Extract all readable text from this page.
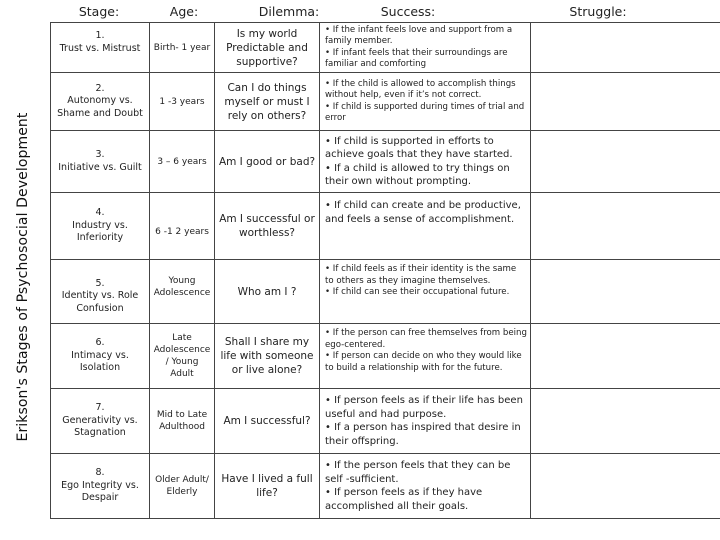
Erikson's Stages of Psychosocial Development
Stage:	Age:	Dilemma:	Success:	Struggle:
1.
Trust vs. Mistrust	Birth- 1 year	Is my world Predictable and supportive?	• If the infant feels love and support from a family member.
• If infant feels that their surroundings are familiar and comforting	

2.
Autonomy vs. Shame and Doubt	1 -3 years	Can I do things myself or must I rely on others?	• If the child is allowed to accomplish things without help, even if it’s not correct.
• If child is supported during times of trial and error	

3.
Initiative vs. Guilt	3 – 6 years	Am I good or bad?	• If child is supported in efforts to achieve goals that they have started.
• If a child is allowed to try things on their own without prompting.	

4.
Industry vs. Inferiority	6 -1 2 years	Am I successful or worthless?	• If child can create and be productive, and feels a sense of accomplishment.	

5.
Identity vs. Role Confusion	Young Adolescence	Who am I ?	• If child feels as if their identity is the same to others as they imagine themselves.
• If child can see their occupational future.	

6.
Intimacy vs. Isolation	Late Adolescence / Young Adult	Shall I share my life with someone or live alone?	• If the person can free themselves from being ego-centered.
• If person can decide on who they would like to build a relationship with for the future.	

7.
Generativity vs. Stagnation	Mid to Late Adulthood	Am I successful?	• If person feels as if their life has been useful and had purpose.
• If a person has inspired that desire in their offspring.	

8.
Ego Integrity vs. Despair	Older Adult/ Elderly	Have I lived a full life?	• If the person feels that they can be self -sufficient.
• If person feels as if they have accomplished all their goals.	
